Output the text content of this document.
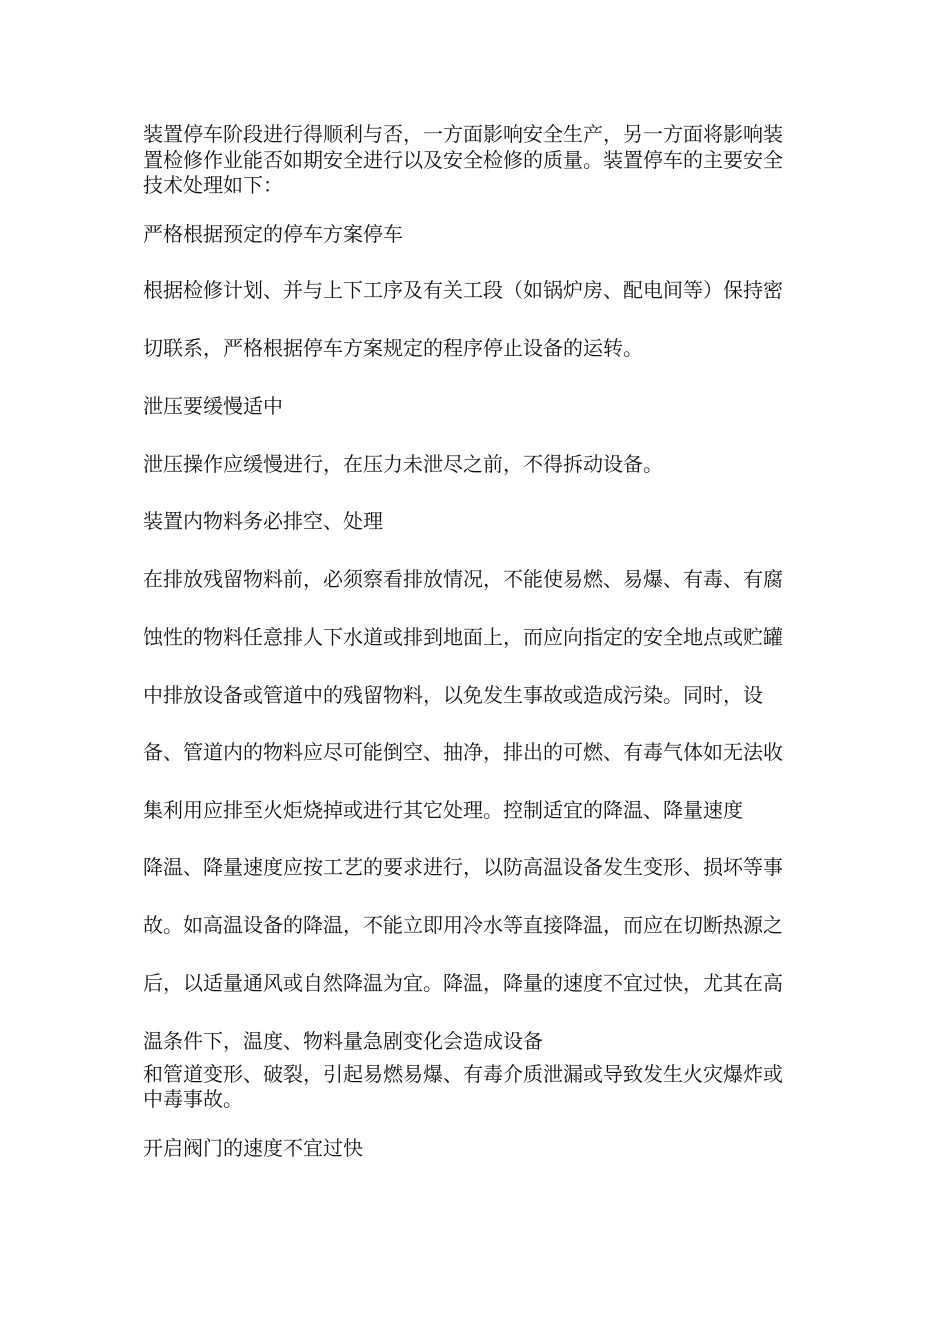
装置停车阶段进行得顺利与否，一方面影响安全生产，另一方面将影响装
置检修作业能否如期安全进行以及安全检修的质量。装置停车的主要安全
技术处理如下：
严格根据预定的停车方案停车
根据检修计划、并与上下工序及有关工段（如锅炉房、配电间等）保持密
切联系，严格根据停车方案规定的程序停止设备的运转。
泄压要缓慢适中
泄压操作应缓慢进行，在压力未泄尽之前，不得拆动设备。
装置内物料务必排空、处理
在排放残留物料前，必须察看排放情况，不能使易燃、易爆、有毒、有腐
蚀性的物料任意排人下水道或排到地面上，而应向指定的安全地点或贮罐
中排放设备或管道中的残留物料，以免发生事故或造成污染。同时，设
备、管道内的物料应尽可能倒空、抽净，排出的可燃、有毒气体如无法收
集利用应排至火炬烧掉或进行其它处理。控制适宜的降温、降量速度
降温、降量速度应按工艺的要求进行，以防高温设备发生变形、损坏等事
故。如高温设备的降温，不能立即用冷水等直接降温，而应在切断热源之
后，以适量通风或自然降温为宜。降温，降量的速度不宜过快，尤其在高
温条件下，温度、物料量急剧变化会造成设备
和管道变形、破裂，引起易燃易爆、有毒介质泄漏或导致发生火灾爆炸或
中毒事故。
开启阀门的速度不宜过快
